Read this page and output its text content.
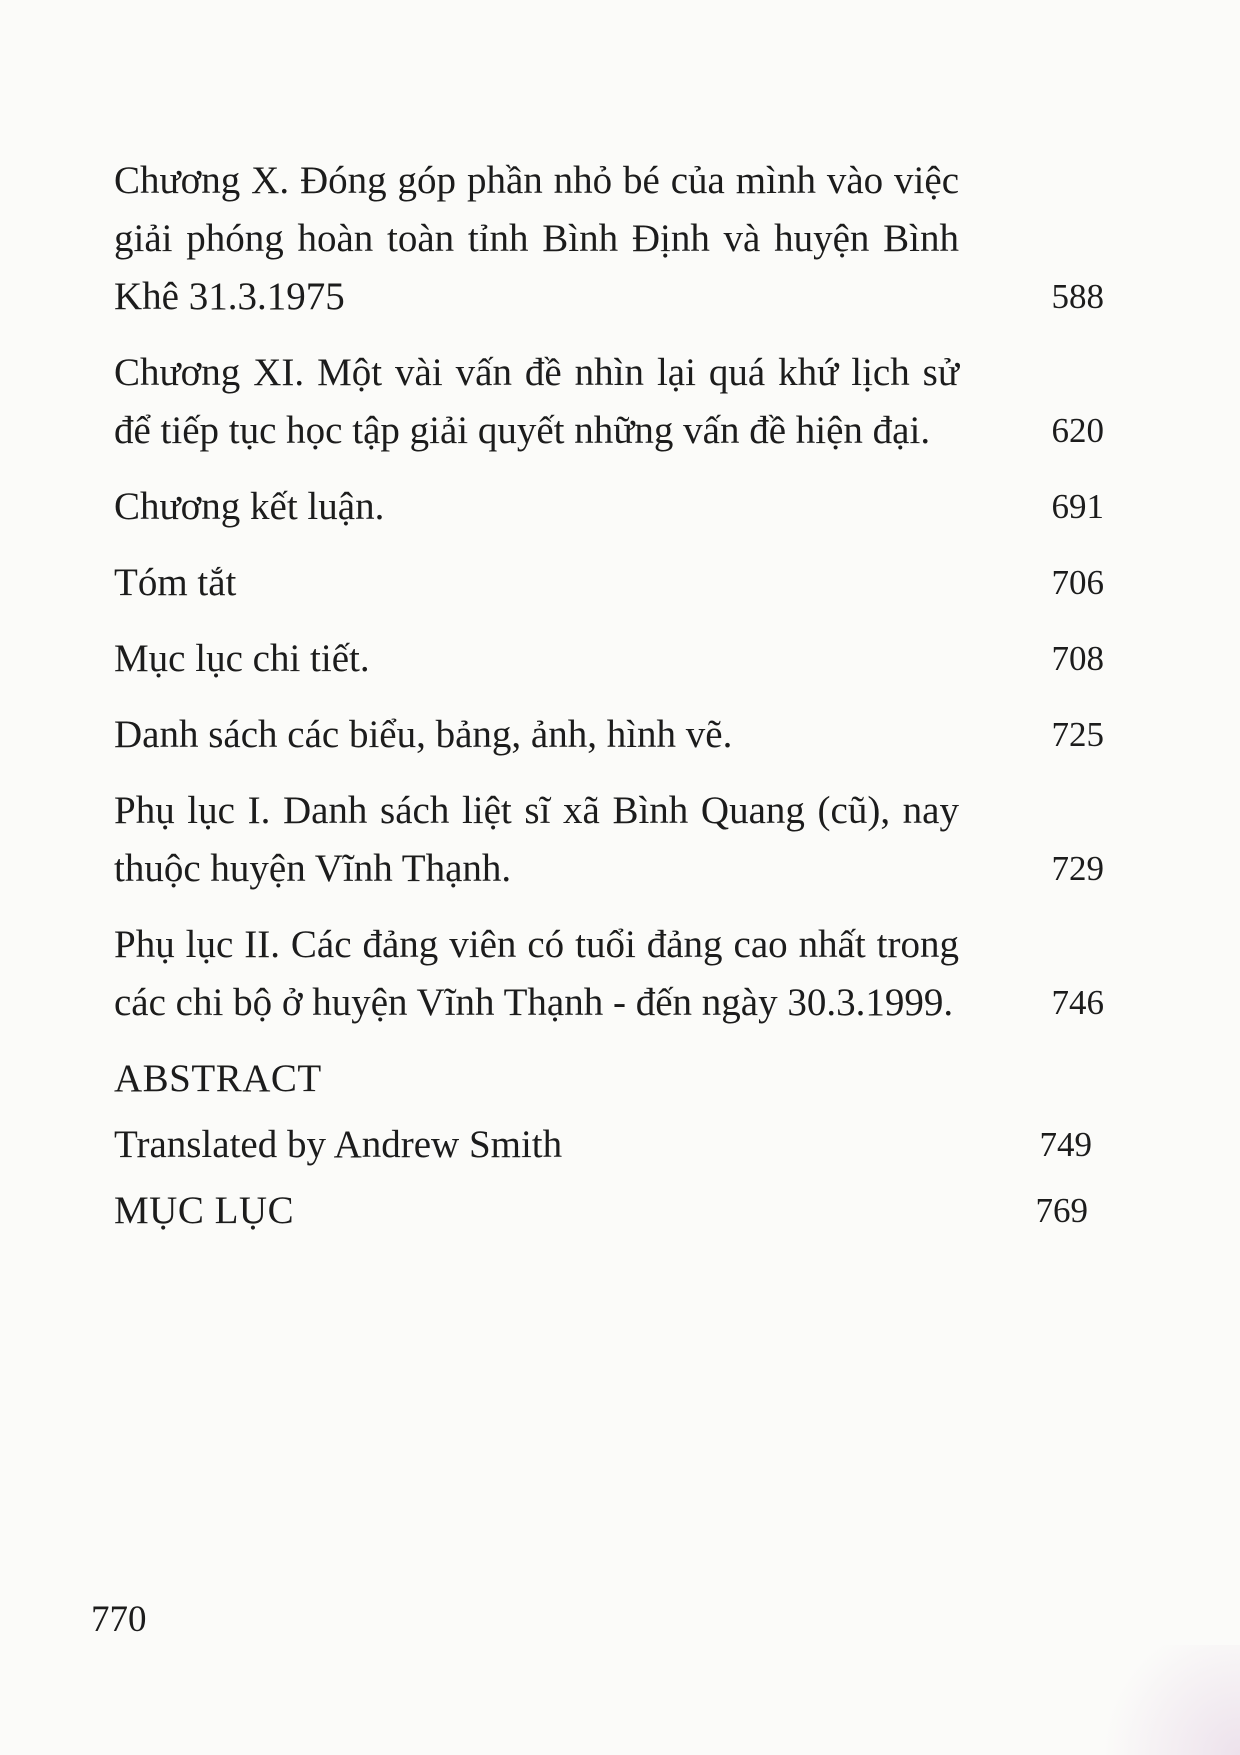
Chương X. Đóng góp phần nhỏ bé của mình vào việc giải phóng hoàn toàn tỉnh Bình Định và huyện Bình Khê 31.3.1975	588
Chương XI. Một vài vấn đề nhìn lại quá khứ lịch sử để tiếp tục học tập giải quyết những vấn đề hiện đại.	620
Chương kết luận.	691
Tóm tắt	706
Mục lục chi tiết.	708
Danh sách các biểu, bảng, ảnh, hình vẽ.	725
Phụ lục I. Danh sách liệt sĩ xã Bình Quang (cũ), nay thuộc huyện Vĩnh Thạnh.	729
Phụ lục II. Các đảng viên có tuổi đảng cao nhất trong các chi bộ ở huyện Vĩnh Thạnh - đến ngày 30.3.1999.	746
ABSTRACT
Translated by Andrew Smith	749
MỤC LỤC	769
770
